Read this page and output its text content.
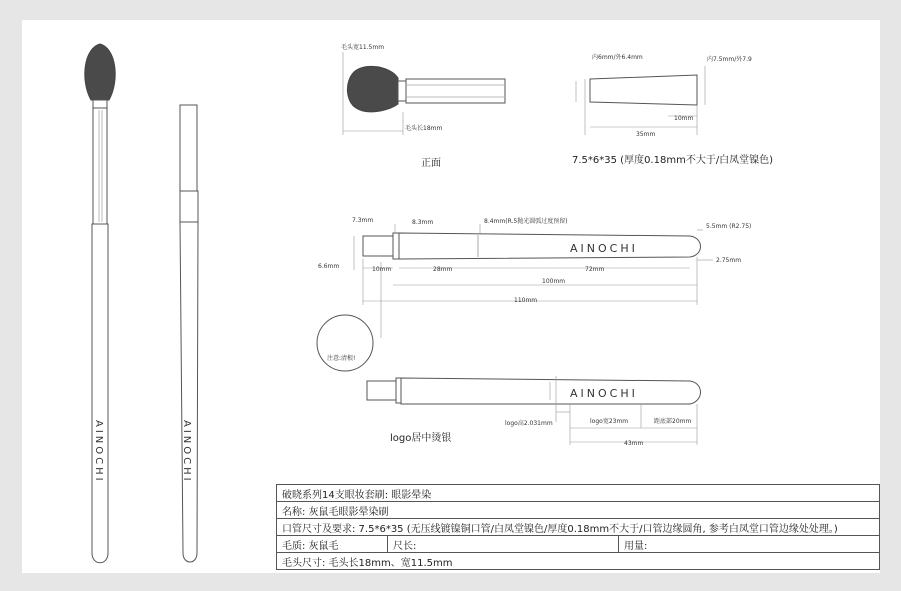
AINOCHI	AINOCHI
毛头宽11.5mm
毛头长18mm
正面
内6mm/外6.4mm	内7.5mm/外7.9
10mm
35mm
7.5*6*35 (厚度0.18mm不大于/白凤堂镍色)
7.3mm	8.3mm	8.4mm(R.5抛光圆弧过度预留)
5.5mm (R2.75)
6.6mm	10mm	28mm	72mm
2.75mm
100mm
110mm
AINOCHI
注意:清根!
AINOCHI
logo高2.031mm	logo宽23mm	距底部20mm
43mm
logo居中烫银
破晓系列14支眼妆套刷: 眼影晕染
名称: 灰鼠毛眼影晕染刷
口管尺寸及要求: 7.5*6*35 (无压线镀镍铜口管/白凤堂镍色/厚度0.18mm不大于/口管边缘圆角, 参考白凤堂口管边缘处处理。)
毛质: 灰鼠毛	尺长:	用量:
毛头尺寸: 毛头长18mm、宽11.5mm
